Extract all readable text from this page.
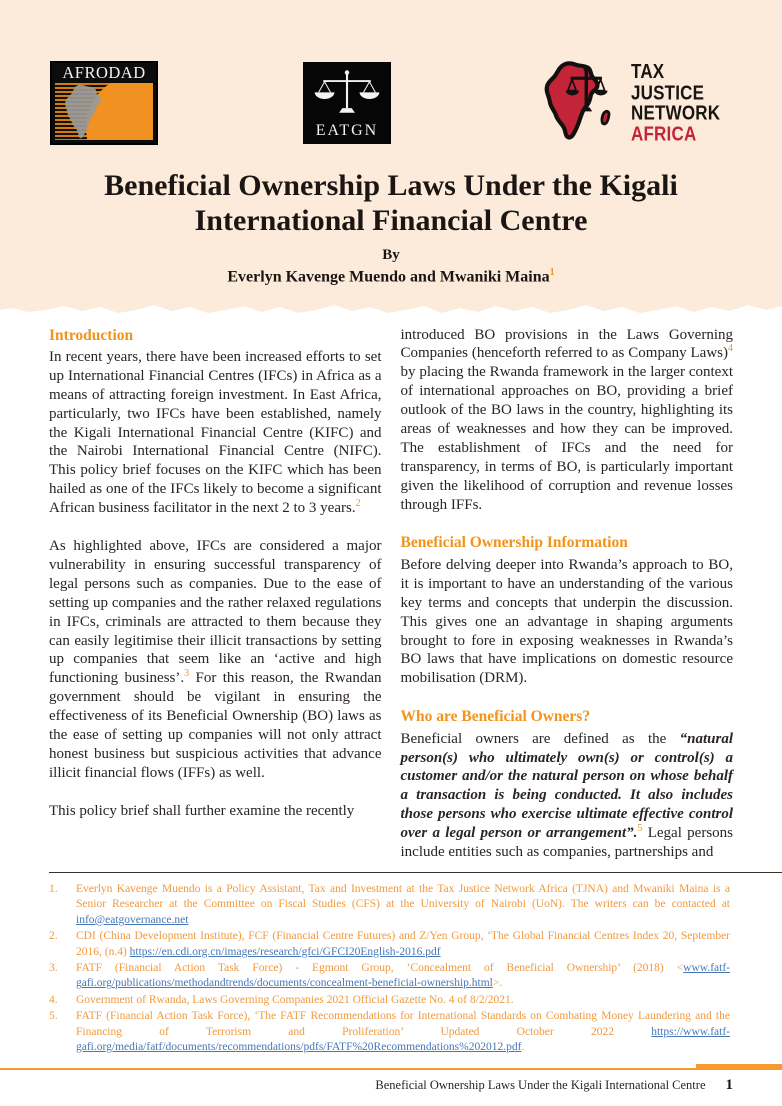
AFRODAD
EATGN
TAX JUSTICE
NETWORK
AFRICA
Beneficial Ownership Laws Under the Kigali International Financial Centre
By
Everlyn Kavenge Muendo and Mwaniki Maina$^1$
Introduction

In recent years, there have been increased efforts to set up International Financial Centres (IFCs) in Africa as a means of attracting foreign investment. In East Africa, particularly, two IFCs have been established, namely the Kigali International Financial Centre (KIFC) and the Nairobi International Financial Centre (NIFC). This policy brief focuses on the KIFC which has been hailed as one of the IFCs likely to become a significant African business facilitator in the next 2 to 3 years.$^2$

As highlighted above, IFCs are considered a major vulnerability in ensuring successful transparency of legal persons such as companies. Due to the ease of setting up companies and the rather relaxed regulations in IFCs, criminals are attracted to them because they can easily legitimise their illicit transactions by setting up companies that seem like an ‘active and high functioning business’.$^3$ For this reason, the Rwandan government should be vigilant in ensuring the effectiveness of its Beneficial Ownership (BO) laws as the ease of setting up companies will not only attract honest business but suspicious activities that advance illicit financial flows (IFFs) as well.

This policy brief shall further examine the recently

introduced BO provisions in the Laws Governing Companies (henceforth referred to as Company Laws)$^4$ by placing the Rwanda framework in the larger context of international approaches on BO, providing a brief outlook of the BO laws in the country, highlighting its areas of weaknesses and how they can be improved. The establishment of IFCs and the need for transparency, in terms of BO, is particularly important given the likelihood of corruption and revenue losses through IFFs.

Beneficial Ownership Information

Before delving deeper into Rwanda’s approach to BO, it is important to have an understanding of the various key terms and concepts that underpin the discussion. This gives one an advantage in shaping arguments brought to fore in exposing weaknesses in Rwanda’s BO laws that have implications on domestic resource mobilisation (DRM).

Who are Beneficial Owners?

Beneficial owners are defined as the “natural person(s) who ultimately own(s) or control(s) a customer and/or the natural person on whose behalf a transaction is being conducted. It also includes those persons who exercise ultimate effective control over a legal person or arrangement”.$^5$ Legal persons include entities such as companies, partnerships and

1.	Everlyn Kavenge Muendo is a Policy Assistant, Tax and Investment at the Tax Justice Network Africa (TJNA) and Mwaniki Maina is a Senior Researcher at the Committee on Fiscal Studies (CFS) at the University of Nairobi (UoN). The writers can be contacted at info@eatgovernance.net
2.	CDI (China Development Institute), FCF (Financial Centre Futures) and Z/Yen Group, ‘The Global Financial Centres Index 20, September 2016, (n.4) https://en.cdi.org.cn/images/research/gfci/GFCI20English-2016.pdf
3.	FATF (Financial Action Task Force) - Egmont Group, ‘Concealment of Beneficial Ownership’ (2018) <www.fatf-gafi.org/publications/methodandtrends/documents/concealment-beneficial-ownership.html>.
4.	Government of Rwanda, Laws Governing Companies 2021 Official Gazette No. 4 of 8/2/2021.
5.	FATF (Financial Action Task Force), ‘The FATF Recommendations for International Standards on Combating Money Laundering and the Financing of Terrorism and Proliferation’ Updated October 2022 https://www.fatf-gafi.org/media/fatf/documents/recommendations/pdfs/FATF%20Recommendations%202012.pdf.
Beneficial Ownership Laws Under the Kigali International Centre 1
